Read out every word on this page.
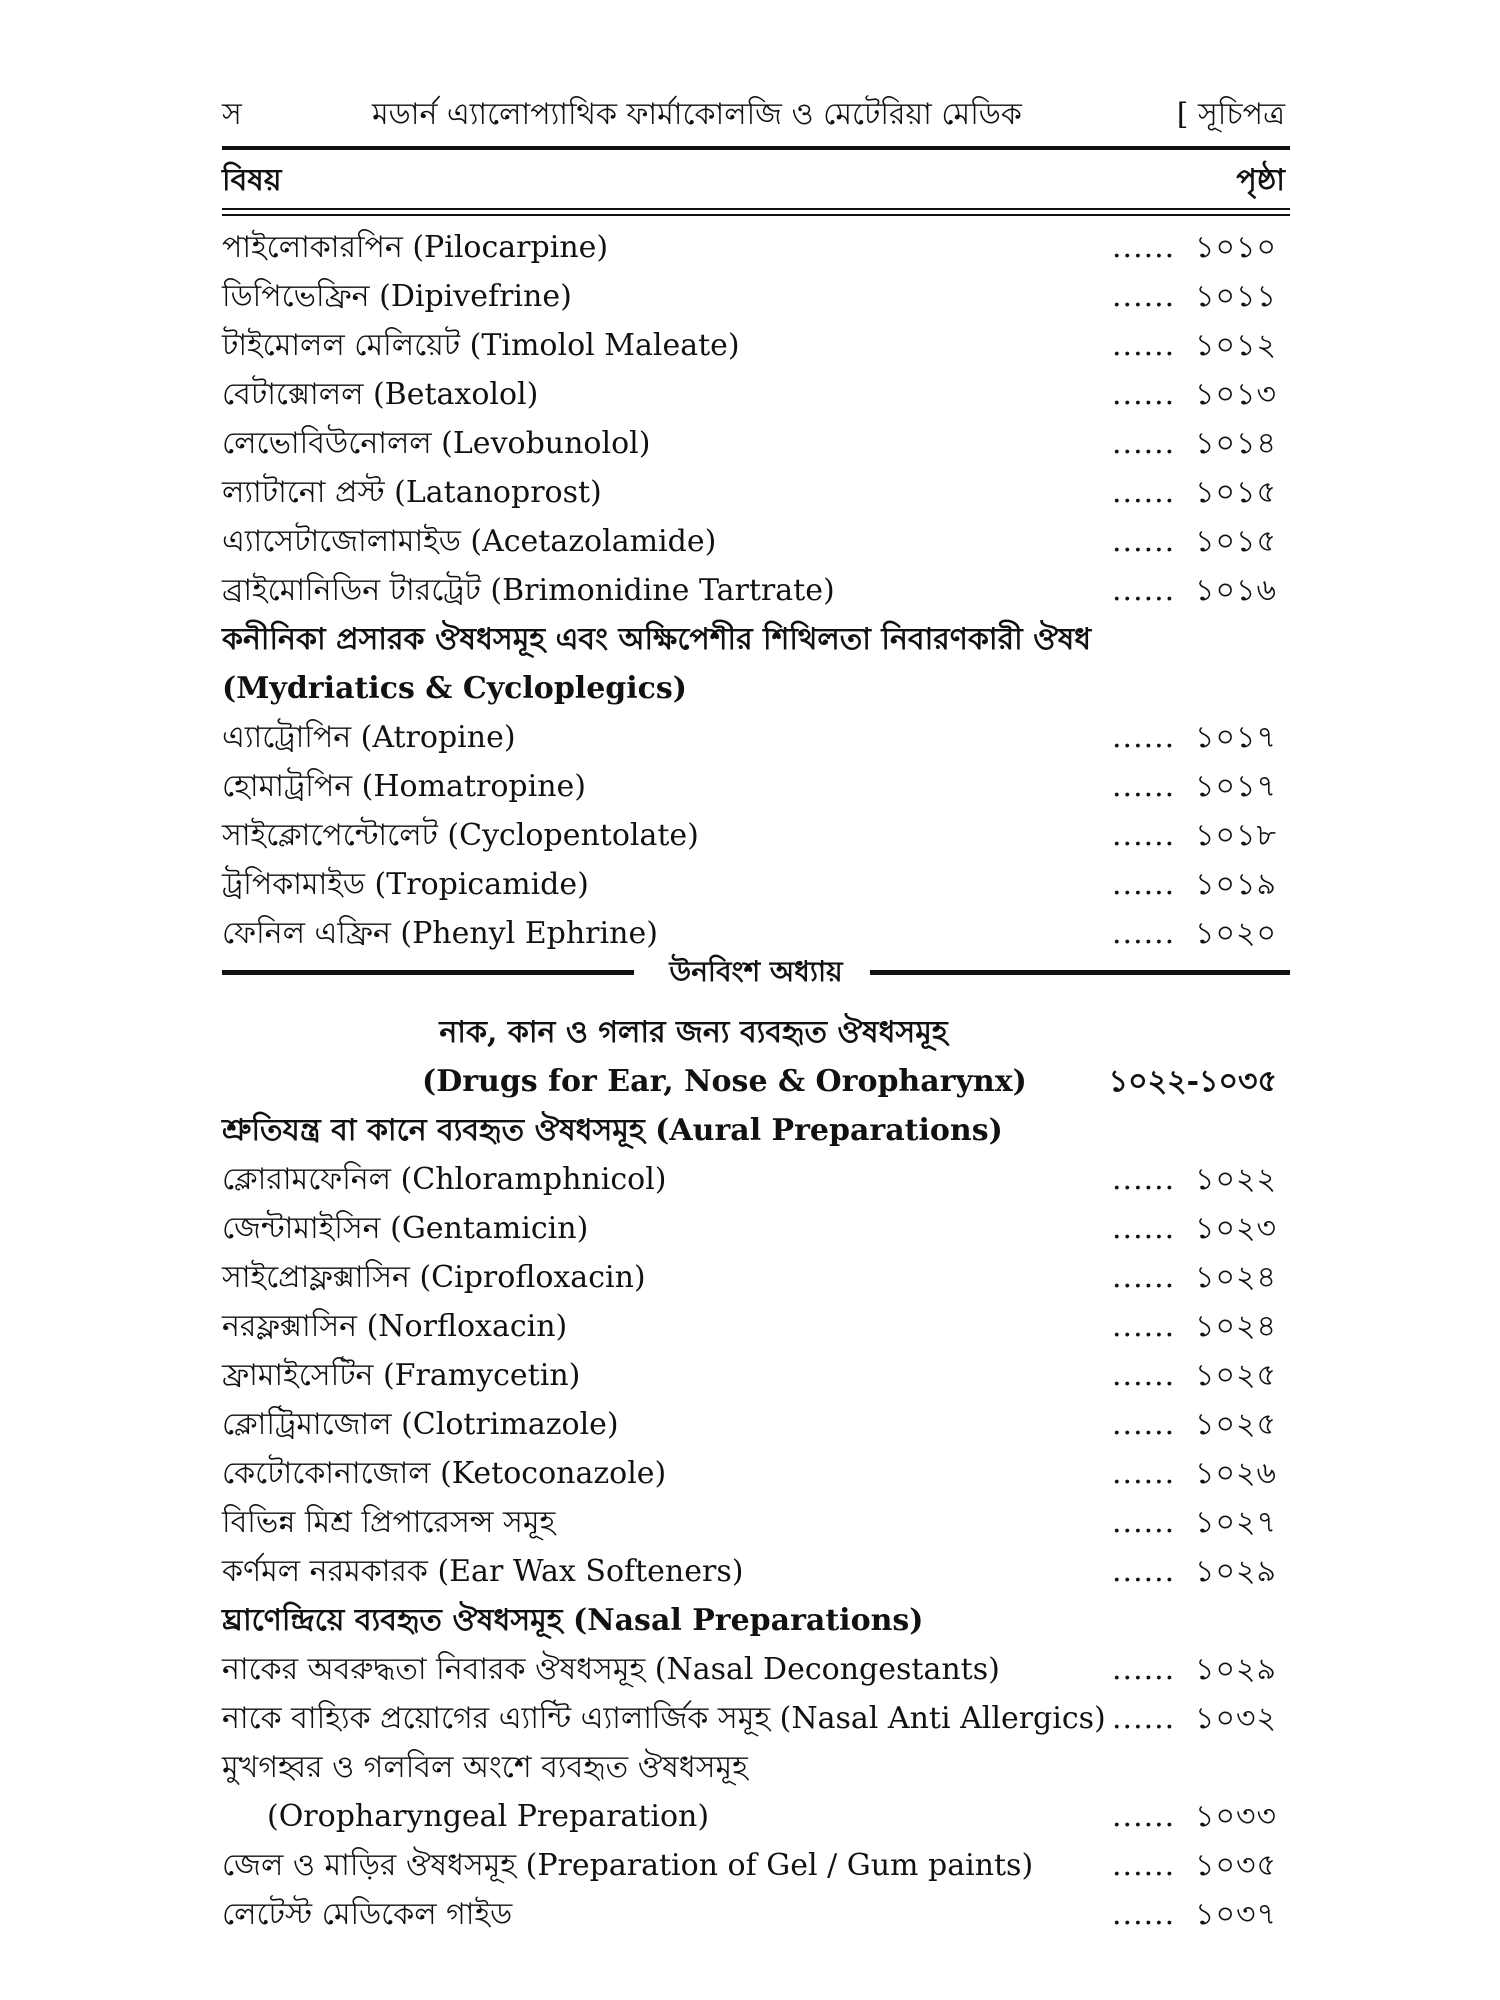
স	মডার্ন এ্যালোপ্যাথিক ফার্মাকোলজি ও মেটেরিয়া মেডিক	[ সূচিপত্র
বিষয়	পৃষ্ঠা
পাইলোকারপিন (Pilocarpine)	...... ১০১০
ডিপিভেফ্রিন (Dipivefrine)	...... ১০১১
টাইমোলল মেলিয়েট (Timolol Maleate)	...... ১০১২
বেটাক্সোলল (Betaxolol)	...... ১০১৩
লেভোবিউনোলল (Levobunolol)	...... ১০১৪
ল্যাটানো প্রস্ট (Latanoprost)	...... ১০১৫
এ্যাসেটাজোলামাইড (Acetazolamide)	...... ১০১৫
ব্রাইমোনিডিন টারট্রেট (Brimonidine Tartrate)	...... ১০১৬
কনীনিকা প্রসারক ঔষধসমূহ এবং অক্ষিপেশীর শিথিলতা নিবারণকারী ঔষধ
(Mydriatics & Cycloplegics)
এ্যাট্রোপিন (Atropine)	...... ১০১৭
হোমাট্রপিন (Homatropine)	...... ১০১৭
সাইক্লোপেন্টোলেট (Cyclopentolate)	...... ১০১৮
ট্রপিকামাইড (Tropicamide)	...... ১০১৯
ফেনিল এফ্রিন (Phenyl Ephrine)	...... ১০২০
উনবিংশ অধ্যায়
নাক, কান ও গলার জন্য ব্যবহৃত ঔষধসমূহ
(Drugs for Ear, Nose & Oropharynx)	১০২২-১০৩৫
শ্রুতিযন্ত্র বা কানে ব্যবহৃত ঔষধসমূহ (Aural Preparations)
ক্লোরামফেনিল (Chloramphnicol)	...... ১০২২
জেন্টামাইসিন (Gentamicin)	...... ১০২৩
সাইপ্রোফ্লক্সাসিন (Ciprofloxacin)	...... ১০২৪
নরফ্লক্সাসিন (Norfloxacin)	...... ১০২৪
ফ্রামাইসেটিন (Framycetin)	...... ১০২৫
ক্লোট্রিমাজোল (Clotrimazole)	...... ১০২৫
কেটোকোনাজোল (Ketoconazole)	...... ১০২৬
বিভিন্ন মিশ্র প্রিপারেসন্স সমূহ	...... ১০২৭
কর্ণমল নরমকারক (Ear Wax Softeners)	...... ১০২৯
ঘ্রাণেন্দ্রিয়ে ব্যবহৃত ঔষধসমূহ (Nasal Preparations)
নাকের অবরুদ্ধতা নিবারক ঔষধসমূহ (Nasal Decongestants)	...... ১০২৯
নাকে বাহ্যিক প্রয়োগের এ্যান্টি এ্যালার্জিক সমূহ (Nasal Anti Allergics) ...... ১০৩২
মুখগহ্বর ও গলবিল অংশে ব্যবহৃত ঔষধসমূহ
(Oropharyngeal Preparation)	...... ১০৩৩
জেল ও মাড়ির ঔষধসমূহ (Preparation of Gel / Gum paints)	...... ১০৩৫
লেটেস্ট মেডিকেল গাইড	...... ১০৩৭
